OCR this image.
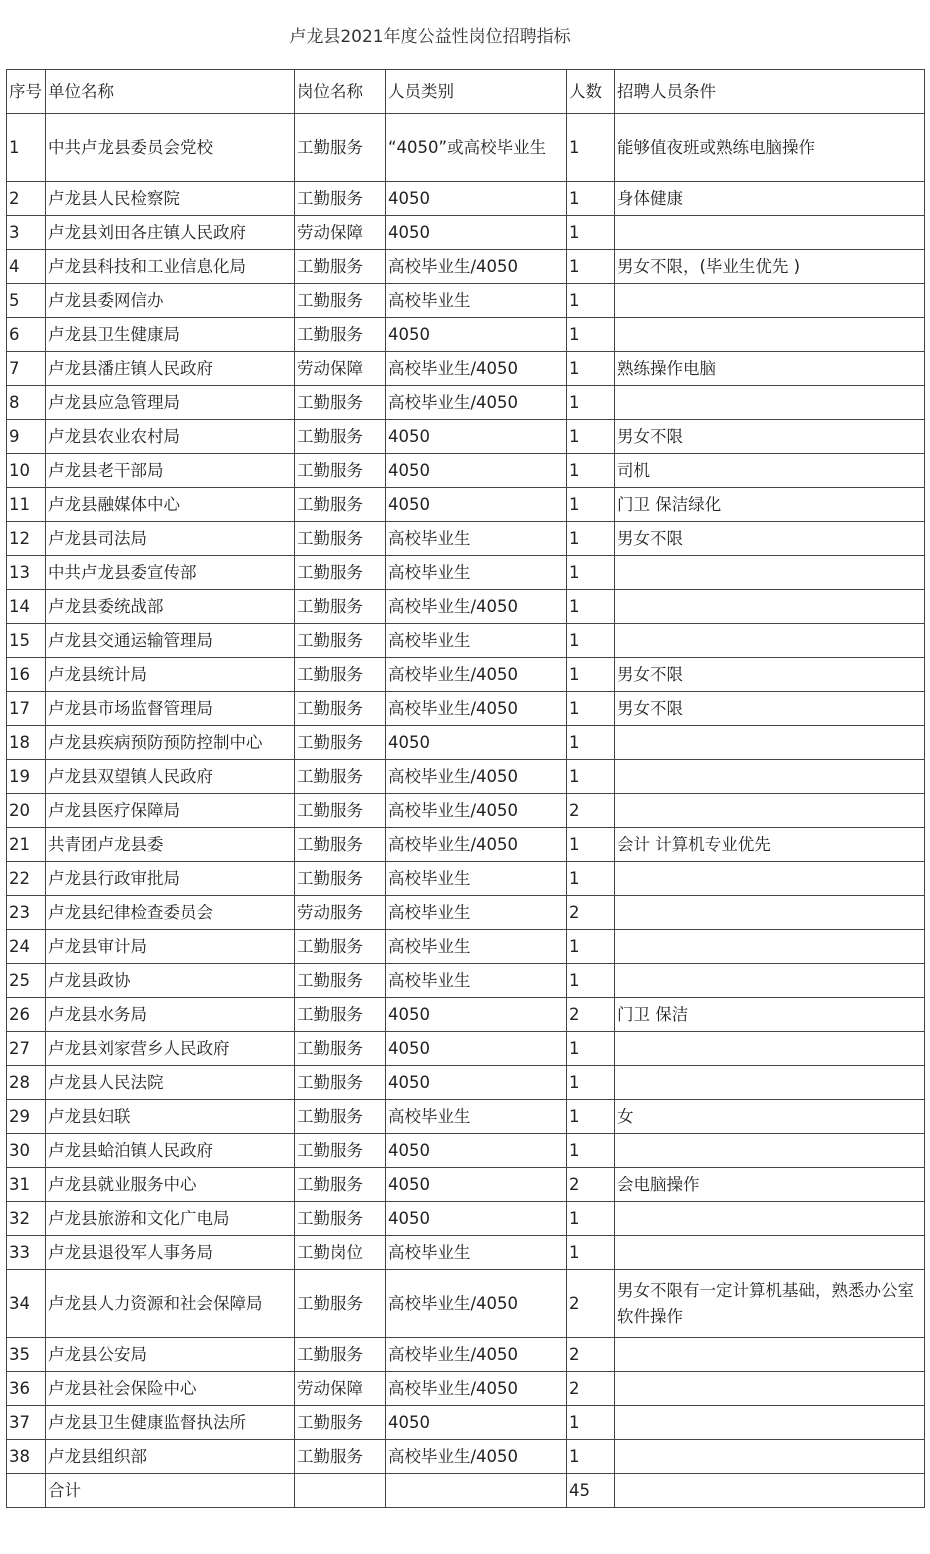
卢龙县2021年度公益性岗位招聘指标
序号	单位名称	岗位名称	人员类别	人数	招聘人员条件
1	中共卢龙县委员会党校	工勤服务	“4050”或高校毕业生	1	能够值夜班或熟练电脑操作
2	卢龙县人民检察院	工勤服务	4050	1	身体健康
3	卢龙县刘田各庄镇人民政府	劳动保障	4050	1	
4	卢龙县科技和工业信息化局	工勤服务	高校毕业生/4050	1	男女不限，(毕业生优先 )
5	卢龙县委网信办	工勤服务	高校毕业生	1	
6	卢龙县卫生健康局	工勤服务	4050	1	
7	卢龙县潘庄镇人民政府	劳动保障	高校毕业生/4050	1	熟练操作电脑
8	卢龙县应急管理局	工勤服务	高校毕业生/4050	1	
9	卢龙县农业农村局	工勤服务	4050	1	男女不限
10	卢龙县老干部局	工勤服务	4050	1	司机
11	卢龙县融媒体中心	工勤服务	4050	1	门卫 保洁绿化
12	卢龙县司法局	工勤服务	高校毕业生	1	男女不限
13	中共卢龙县委宣传部	工勤服务	高校毕业生	1	
14	卢龙县委统战部	工勤服务	高校毕业生/4050	1	
15	卢龙县交通运输管理局	工勤服务	高校毕业生	1	
16	卢龙县统计局	工勤服务	高校毕业生/4050	1	男女不限
17	卢龙县市场监督管理局	工勤服务	高校毕业生/4050	1	男女不限
18	卢龙县疾病预防预防控制中心	工勤服务	4050	1	
19	卢龙县双望镇人民政府	工勤服务	高校毕业生/4050	1	
20	卢龙县医疗保障局	工勤服务	高校毕业生/4050	2	
21	共青团卢龙县委	工勤服务	高校毕业生/4050	1	会计 计算机专业优先
22	卢龙县行政审批局	工勤服务	高校毕业生	1	
23	卢龙县纪律检查委员会	劳动服务	高校毕业生	2	
24	卢龙县审计局	工勤服务	高校毕业生	1	
25	卢龙县政协	工勤服务	高校毕业生	1	
26	卢龙县水务局	工勤服务	4050	2	门卫 保洁
27	卢龙县刘家营乡人民政府	工勤服务	4050	1	
28	卢龙县人民法院	工勤服务	4050	1	
29	卢龙县妇联	工勤服务	高校毕业生	1	女
30	卢龙县蛤泊镇人民政府	工勤服务	4050	1	
31	卢龙县就业服务中心	工勤服务	4050	2	会电脑操作
32	卢龙县旅游和文化广电局	工勤服务	4050	1	
33	卢龙县退役军人事务局	工勤岗位	高校毕业生	1	
34	卢龙县人力资源和社会保障局	工勤服务	高校毕业生/4050	2	男女不限有一定计算机基础，熟悉办公室软件操作
35	卢龙县公安局	工勤服务	高校毕业生/4050	2	
36	卢龙县社会保险中心	劳动保障	高校毕业生/4050	2	
37	卢龙县卫生健康监督执法所	工勤服务	4050	1	
38	卢龙县组织部	工勤服务	高校毕业生/4050	1	
	合计			45	
